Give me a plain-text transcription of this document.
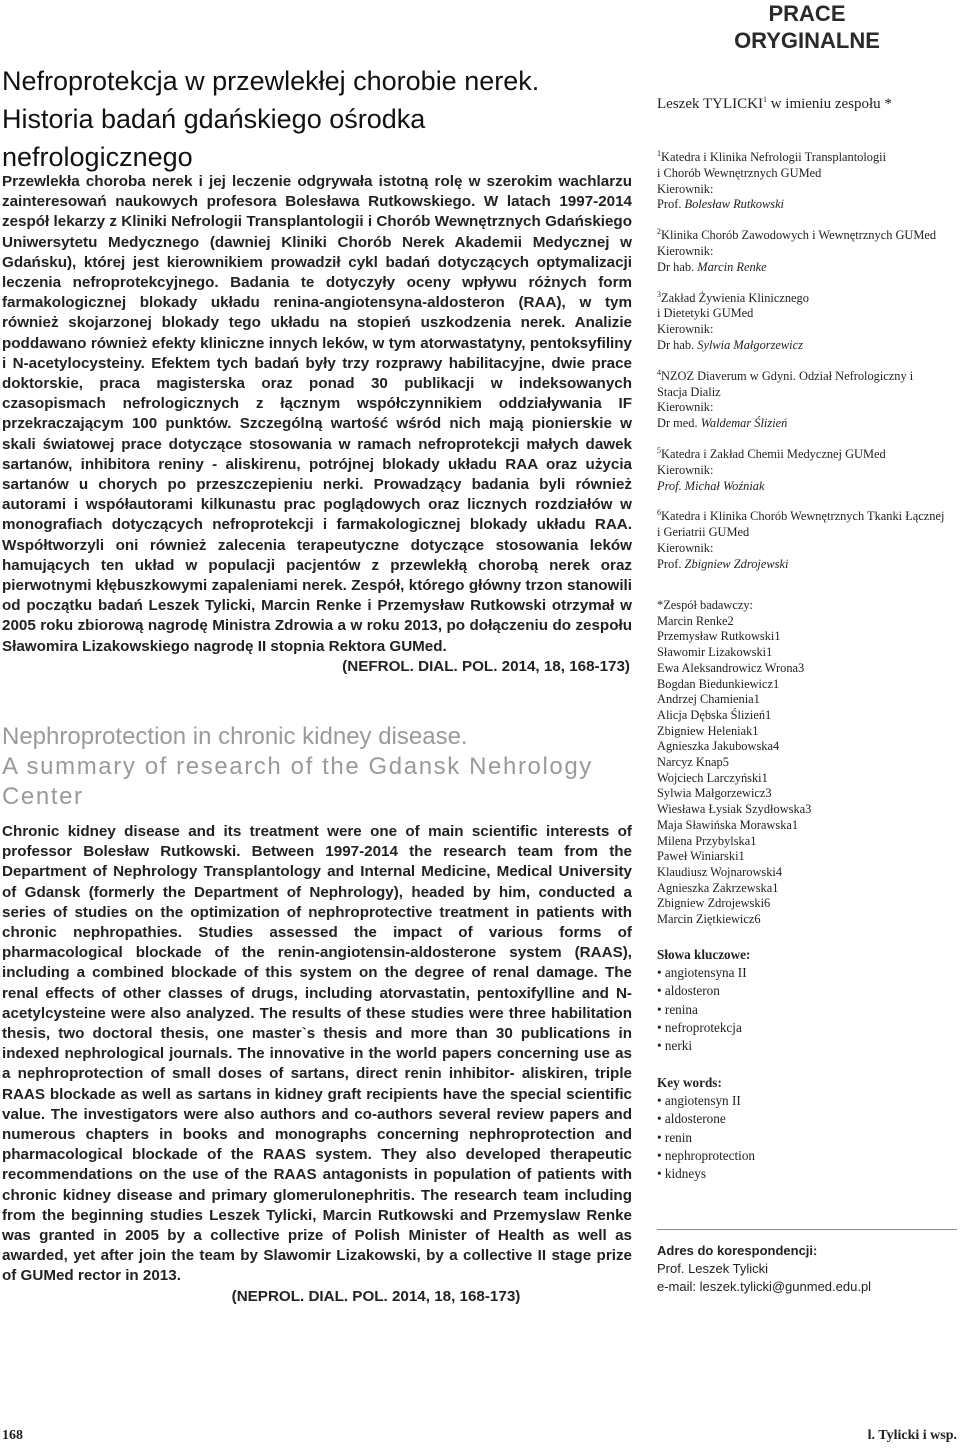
PRACE
ORYGINALNE
Nefroprotekcja w przewlekłej chorobie nerek.
Historia badań gdańskiego ośrodka
nefrologicznego
Przewlekła choroba nerek i jej leczenie odgrywała istotną rolę w szerokim wachlarzu zainteresowań naukowych profesora Bolesława Rutkowskiego. W latach 1997-2014 zespół lekarzy z Kliniki Nefrologii Transplantologii i Chorób Wewnętrznych Gdańskiego Uniwersytetu Medycznego (dawniej Kliniki Chorób Nerek Akademii Medycznej w Gdańsku), której jest kierownikiem prowadził cykl badań dotyczących optymalizacji leczenia nefroprotekcyjnego. Badania te dotyczyły oceny wpływu różnych form farmakologicznej blokady układu renina-angiotensyna-aldosteron (RAA), w tym również skojarzonej blokady tego układu na stopień uszkodzenia nerek. Analizie poddawano również efekty kliniczne innych leków, w tym atorwastatyny, pentoksyfiliny i N-acetylocysteiny. Efektem tych badań były trzy rozprawy habilitacyjne, dwie prace doktorskie, praca magisterska oraz ponad 30 publikacji w indeksowanych czasopismach nefrologicznych z łącznym współczynnikiem oddziaływania IF przekraczającym 100 punktów. Szczególną wartość wśród nich mają pionierskie w skali światowej prace dotyczące stosowania w ramach nefroprotekcji małych dawek sartanów, inhibitora reniny - aliskirenu, potrójnej blokady układu RAA oraz użycia sartanów u chorych po przeszczepieniu nerki. Prowadzący badania byli również autorami i współautorami kilkunastu prac poglądowych oraz licznych rozdziałów w monografiach dotyczących nefroprotekcji i farmakologicznej blokady układu RAA. Współtworzyli oni również zalecenia terapeutyczne dotyczące stosowania leków hamujących ten układ w populacji pacjentów z przewlekłą chorobą nerek oraz pierwotnymi kłębuszkowymi zapaleniami nerek. Zespół, którego główny trzon stanowili od początku badań Leszek Tylicki, Marcin Renke i Przemysław Rutkowski otrzymał w 2005 roku zbiorową nagrodę Ministra Zdrowia a w roku 2013, po dołączeniu do zespołu Sławomira Lizakowskiego nagrodę II stopnia Rektora GUMed.
(NEFROL. DIAL. POL. 2014, 18, 168-173)
Nephroprotection in chronic kidney disease.
A summary of research of the Gdansk Nehrology
Center
Chronic kidney disease and its treatment were one of main scientific interests of professor Bolesław Rutkowski. Between 1997-2014 the research team from the Department of Nephrology Transplantology and Internal Medicine, Medical University of Gdansk (formerly the Department of Nephrology), headed by him, conducted a series of studies on the optimization of nephroprotective treatment in patients with chronic nephropathies. Studies assessed the impact of various forms of pharmacological blockade of the renin-angiotensin-aldosterone system (RAAS), including a combined blockade of this system on the degree of renal damage. The renal effects of other classes of drugs, including atorvastatin, pentoxifylline and N-acetylcysteine were also analyzed. The results of these studies were three habilitation thesis, two doctoral thesis, one master`s thesis and more than 30 publications in indexed nephrological journals. The innovative in the world papers concerning use as a nephroprotection of small doses of sartans, direct renin inhibitor- aliskiren, triple RAAS blockade as well as sartans in kidney graft recipients have the special scientific value. The investigators were also authors and co-authors several review papers and numerous chapters in books and monographs concerning nephroprotection and pharmacological blockade of the RAAS system. They also developed therapeutic recommendations on the use of the RAAS antagonists in population of patients with chronic kidney disease and primary glomerulonephritis. The research team including from the beginning studies Leszek Tylicki, Marcin Rutkowski and Przemyslaw Renke was granted in 2005 by a collective prize of Polish Minister of Health as well as awarded, yet after join the team by Slawomir Lizakowski, by a collective II stage prize of GUMed rector in 2013.
(NEPROL. DIAL. POL. 2014, 18, 168-173)
Leszek TYLICKI$^1$ w imieniu zespołu *
$^1$Katedra i Klinika Nefrologii Transplantologii
i Chorób Wewnętrznych GUMed
Kierownik:
Prof. Bolesław Rutkowski
$^2$Klinika Chorób Zawodowych i Wewnętrznych GUMed
Kierownik:
Dr hab. Marcin Renke
$^3$Zakład Żywienia Klinicznego
i Dietetyki GUMed
Kierownik:
Dr hab. Sylwia Małgorzewicz
$^4$NZOZ Diaverum w Gdyni. Odział Nefrologiczny i
Stacja Dializ
Kierownik:
Dr med. Waldemar Ślizień
$^5$Katedra i Zakład Chemii Medycznej GUMed
Kierownik:
Prof. Michał Woźniak
$^6$Katedra i Klinika Chorób Wewnętrznych Tkanki Łącznej
i Geriatrii GUMed
Kierownik:
Prof. Zbigniew Zdrojewski
*Zespół badawczy:
Marcin Renke2
Przemysław Rutkowski1
Sławomir Lizakowski1
Ewa Aleksandrowicz Wrona3
Bogdan Biedunkiewicz1
Andrzej Chamienia1
Alicja Dębska Ślizień1
Zbigniew Heleniak1
Agnieszka Jakubowska4
Narcyz Knap5
Wojciech Larczyński1
Sylwia Małgorzewicz3
Wiesława Łysiak Szydłowska3
Maja Sławińska Morawska1
Milena Przybylska1
Paweł Winiarski1
Klaudiusz Wojnarowski4
Agnieszka Zakrzewska1
Zbigniew Zdrojewski6
Marcin Ziętkiewicz6
Słowa kluczowe:
• angiotensyna II
• aldosteron
• renina
• nefroprotekcja
• nerki
Key words:
• angiotensyn II
• aldosterone
• renin
• nephroprotection
• kidneys
Adres do korespondencji:
Prof. Leszek Tylicki
e-mail: leszek.tylicki@gunmed.edu.pl
168	l. Tylicki i wsp.
